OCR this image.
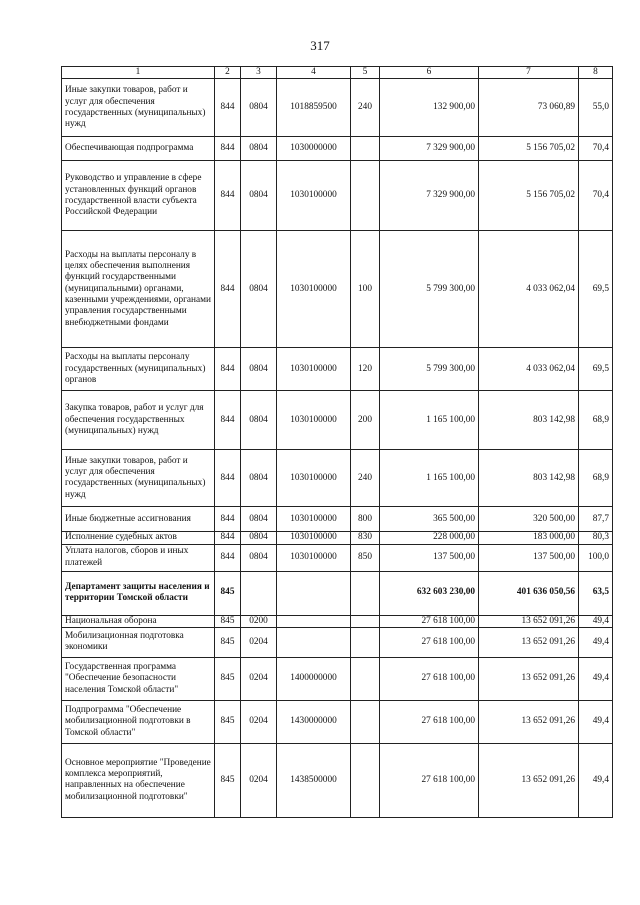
317
1	2	3	4	5	6	7	8
Иные закупки товаров, работ и услуг для обеспечения государственных (муниципальных) нужд	844	0804	1018859500	240	132 900,00	73 060,89	55,0
Обеспечивающая подпрограмма	844	0804	1030000000		7 329 900,00	5 156 705,02	70,4
Руководство и управление в сфере установленных функций органов государственной власти субъекта Российской Федерации	844	0804	1030100000		7 329 900,00	5 156 705,02	70,4
Расходы на выплаты персоналу в целях обеспечения выполнения функций государственными (муниципальными) органами, казенными учреждениями, органами управления государственными внебюджетными фондами	844	0804	1030100000	100	5 799 300,00	4 033 062,04	69,5
Расходы на выплаты персоналу государственных (муниципальных) органов	844	0804	1030100000	120	5 799 300,00	4 033 062,04	69,5
Закупка товаров, работ и услуг для обеспечения государственных (муниципальных) нужд	844	0804	1030100000	200	1 165 100,00	803 142,98	68,9
Иные закупки товаров, работ и услуг для обеспечения государственных (муниципальных) нужд	844	0804	1030100000	240	1 165 100,00	803 142,98	68,9
Иные бюджетные ассигнования	844	0804	1030100000	800	365 500,00	320 500,00	87,7
Исполнение судебных актов	844	0804	1030100000	830	228 000,00	183 000,00	80,3
Уплата налогов, сборов и иных платежей	844	0804	1030100000	850	137 500,00	137 500,00	100,0
Департамент защиты населения и территории Томской области	845				632 603 230,00	401 636 050,56	63,5
Национальная оборона	845	0200			27 618 100,00	13 652 091,26	49,4
Мобилизационная подготовка экономики	845	0204			27 618 100,00	13 652 091,26	49,4
Государственная программа "Обеспечение безопасности населения Томской области"	845	0204	1400000000		27 618 100,00	13 652 091,26	49,4
Подпрограмма "Обеспечение мобилизационной подготовки в Томской области"	845	0204	1430000000		27 618 100,00	13 652 091,26	49,4
Основное мероприятие "Проведение комплекса мероприятий, направленных на обеспечение мобилизационной подготовки"	845	0204	1438500000		27 618 100,00	13 652 091,26	49,4
